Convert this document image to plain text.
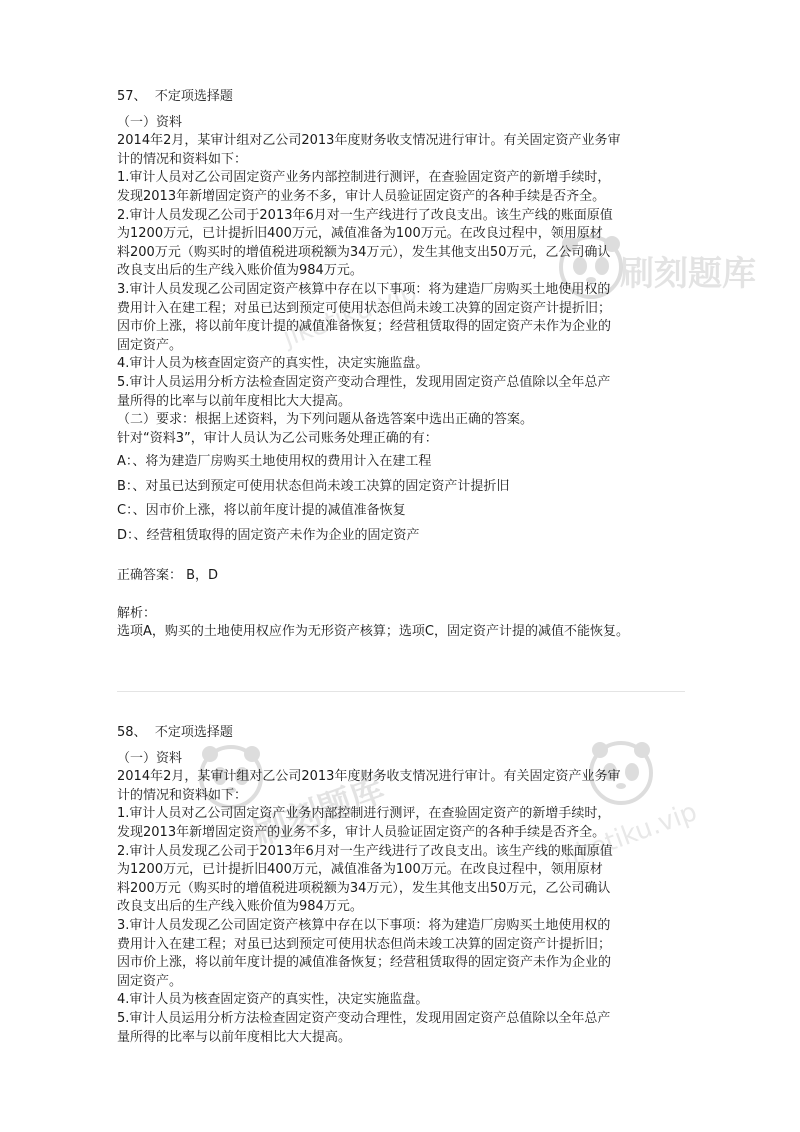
刷刻题库
jiketiku.vip
刷刻题库	jiketiku.vip
57、 不定项选择题
（一）资料
2014年2月，某审计组对乙公司2013年度财务收支情况进行审计。有关固定资产业务审
计的情况和资料如下：
1.审计人员对乙公司固定资产业务内部控制进行测评，在查验固定资产的新增手续时，
发现2013年新增固定资产的业务不多，审计人员验证固定资产的各种手续是否齐全。
2.审计人员发现乙公司于2013年6月对一生产线进行了改良支出。该生产线的账面原值
为1200万元，已计提折旧400万元，减值准备为100万元。在改良过程中，领用原材
料200万元（购买时的增值税进项税额为34万元），发生其他支出50万元，乙公司确认
改良支出后的生产线入账价值为984万元。
3.审计人员发现乙公司固定资产核算中存在以下事项：将为建造厂房购买土地使用权的
费用计入在建工程；对虽已达到预定可使用状态但尚未竣工决算的固定资产计提折旧；
因市价上涨，将以前年度计提的减值准备恢复；经营租赁取得的固定资产未作为企业的
固定资产。
4.审计人员为核查固定资产的真实性，决定实施监盘。
5.审计人员运用分析方法检查固定资产变动合理性，发现用固定资产总值除以全年总产
量所得的比率与以前年度相比大大提高。
（二）要求：根据上述资料，为下列问题从备选答案中选出正确的答案。
针对“资料3”，审计人员认为乙公司账务处理正确的有：
A：、将为建造厂房购买土地使用权的费用计入在建工程
B：、对虽已达到预定可使用状态但尚未竣工决算的固定资产计提折旧
C：、因市价上涨，将以前年度计提的减值准备恢复
D：、经营租赁取得的固定资产未作为企业的固定资产
正确答案： B，D
解析：
选项A，购买的土地使用权应作为无形资产核算；选项C，固定资产计提的减值不能恢复。
58、 不定项选择题
（一）资料
2014年2月，某审计组对乙公司2013年度财务收支情况进行审计。有关固定资产业务审
计的情况和资料如下：
1.审计人员对乙公司固定资产业务内部控制进行测评，在查验固定资产的新增手续时，
发现2013年新增固定资产的业务不多，审计人员验证固定资产的各种手续是否齐全。
2.审计人员发现乙公司于2013年6月对一生产线进行了改良支出。该生产线的账面原值
为1200万元，已计提折旧400万元，减值准备为100万元。在改良过程中，领用原材
料200万元（购买时的增值税进项税额为34万元），发生其他支出50万元，乙公司确认
改良支出后的生产线入账价值为984万元。
3.审计人员发现乙公司固定资产核算中存在以下事项：将为建造厂房购买土地使用权的
费用计入在建工程；对虽已达到预定可使用状态但尚未竣工决算的固定资产计提折旧；
因市价上涨，将以前年度计提的减值准备恢复；经营租赁取得的固定资产未作为企业的
固定资产。
4.审计人员为核查固定资产的真实性，决定实施监盘。
5.审计人员运用分析方法检查固定资产变动合理性，发现用固定资产总值除以全年总产
量所得的比率与以前年度相比大大提高。
